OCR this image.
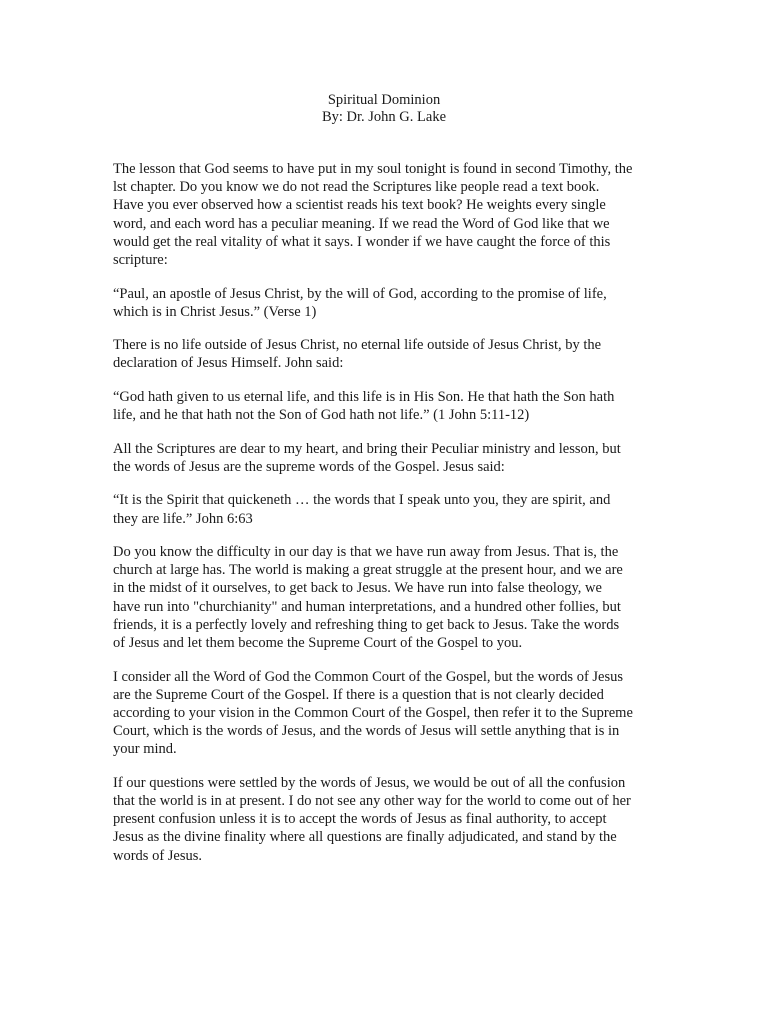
Spiritual Dominion
By: Dr. John G. Lake
The lesson that God seems to have put in my soul tonight is found in second Timothy, the
lst chapter. Do you know we do not read the Scriptures like people read a text book.
Have you ever observed how a scientist reads his text book? He weights every single
word, and each word has a peculiar meaning. If we read the Word of God like that we
would get the real vitality of what it says. I wonder if we have caught the force of this
scripture:
“Paul, an apostle of Jesus Christ, by the will of God, according to the promise of life,
which is in Christ Jesus.” (Verse 1)
There is no life outside of Jesus Christ, no eternal life outside of Jesus Christ, by the
declaration of Jesus Himself. John said:
“God hath given to us eternal life, and this life is in His Son. He that hath the Son hath
life, and he that hath not the Son of God hath not life.” (1 John 5:11-12)
All the Scriptures are dear to my heart, and bring their Peculiar ministry and lesson, but
the words of Jesus are the supreme words of the Gospel. Jesus said:
“It is the Spirit that quickeneth … the words that I speak unto you, they are spirit, and
they are life.” John 6:63
Do you know the difficulty in our day is that we have run away from Jesus. That is, the
church at large has. The world is making a great struggle at the present hour, and we are
in the midst of it ourselves, to get back to Jesus. We have run into false theology, we
have run into "churchianity" and human interpretations, and a hundred other follies, but
friends, it is a perfectly lovely and refreshing thing to get back to Jesus. Take the words
of Jesus and let them become the Supreme Court of the Gospel to you.
I consider all the Word of God the Common Court of the Gospel, but the words of Jesus
are the Supreme Court of the Gospel. If there is a question that is not clearly decided
according to your vision in the Common Court of the Gospel, then refer it to the Supreme
Court, which is the words of Jesus, and the words of Jesus will settle anything that is in
your mind.
If our questions were settled by the words of Jesus, we would be out of all the confusion
that the world is in at present. I do not see any other way for the world to come out of her
present confusion unless it is to accept the words of Jesus as final authority, to accept
Jesus as the divine finality where all questions are finally adjudicated, and stand by the
words of Jesus.
